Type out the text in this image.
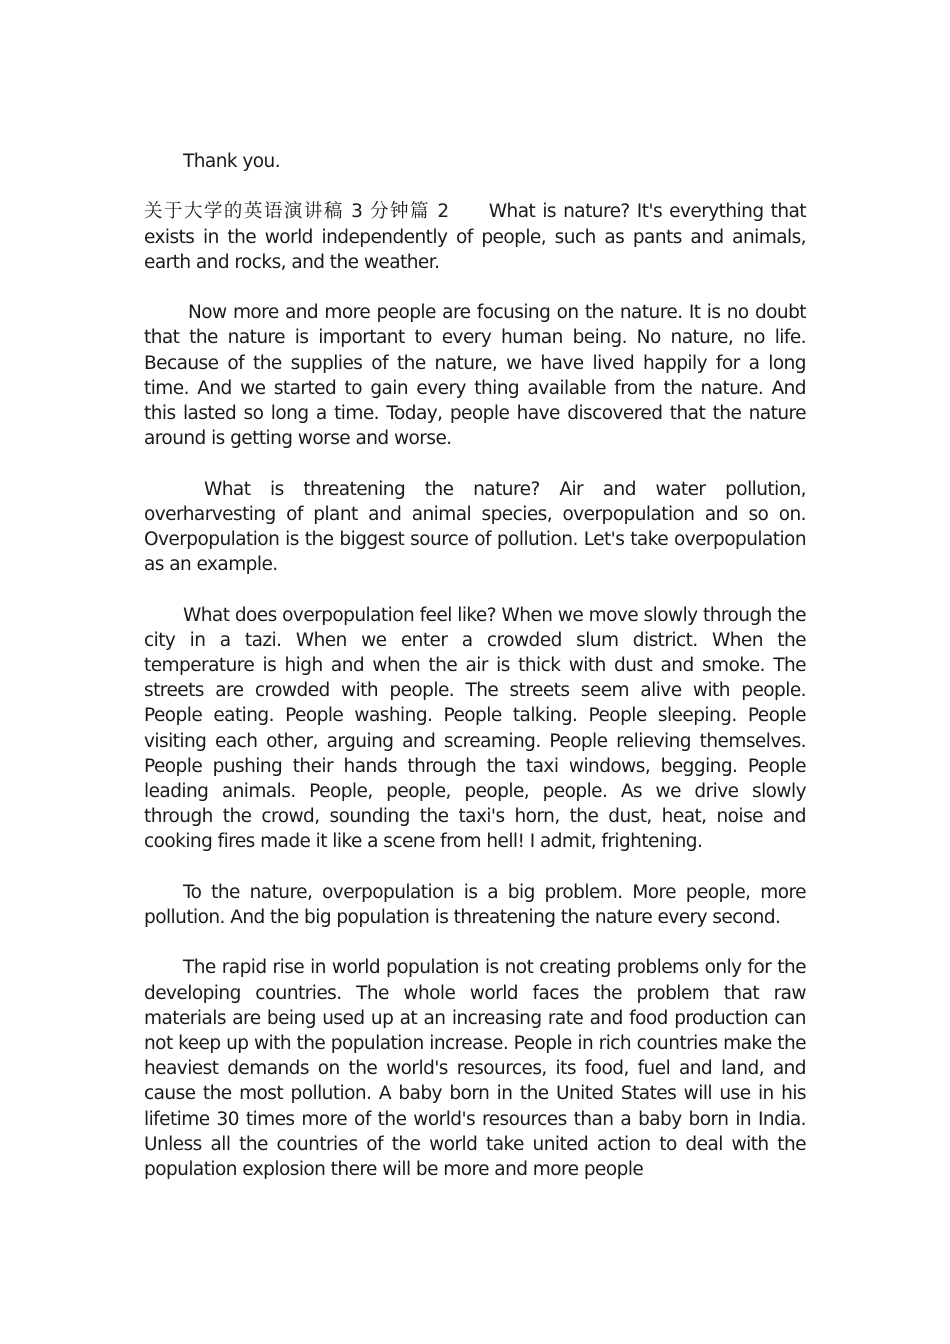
Thank you.

关于大学的英语演讲稿 3 分钟篇 2 What is nature? It's everything that exists in the world independently of people, such as pants and animals, earth and rocks, and the weather.

Now more and more people are focusing on the nature. It is no doubt that the nature is important to every human being. No nature, no life. Because of the supplies of the nature, we have lived happily for a long time. And we started to gain every thing available from the nature. And this lasted so long a time. Today, people have discovered that the nature around is getting worse and worse.

What is threatening the nature? Air and water pollution, overharvesting of plant and animal species, overpopulation and so on. Overpopulation is the biggest source of pollution. Let's take overpopulation as an example.

What does overpopulation feel like? When we move slowly through the city in a tazi. When we enter a crowded slum district. When the temperature is high and when the air is thick with dust and smoke. The streets are crowded with people. The streets seem alive with people. People eating. People washing. People talking. People sleeping. People visiting each other, arguing and screaming. People relieving themselves. People pushing their hands through the taxi windows, begging. People leading animals. People, people, people, people. As we drive slowly through the crowd, sounding the taxi's horn, the dust, heat, noise and cooking fires made it like a scene from hell! I admit, frightening.

To the nature, overpopulation is a big problem. More people, more pollution. And the big population is threatening the nature every second.

The rapid rise in world population is not creating problems only for the developing countries. The whole world faces the problem that raw materials are being used up at an increasing rate and food production can not keep up with the population increase. People in rich countries make the heaviest demands on the world's resources, its food, fuel and land, and cause the most pollution. A baby born in the United States will use in his lifetime 30 times more of the world's resources than a baby born in India. Unless all the countries of the world take united action to deal with the population explosion there will be more and more people
